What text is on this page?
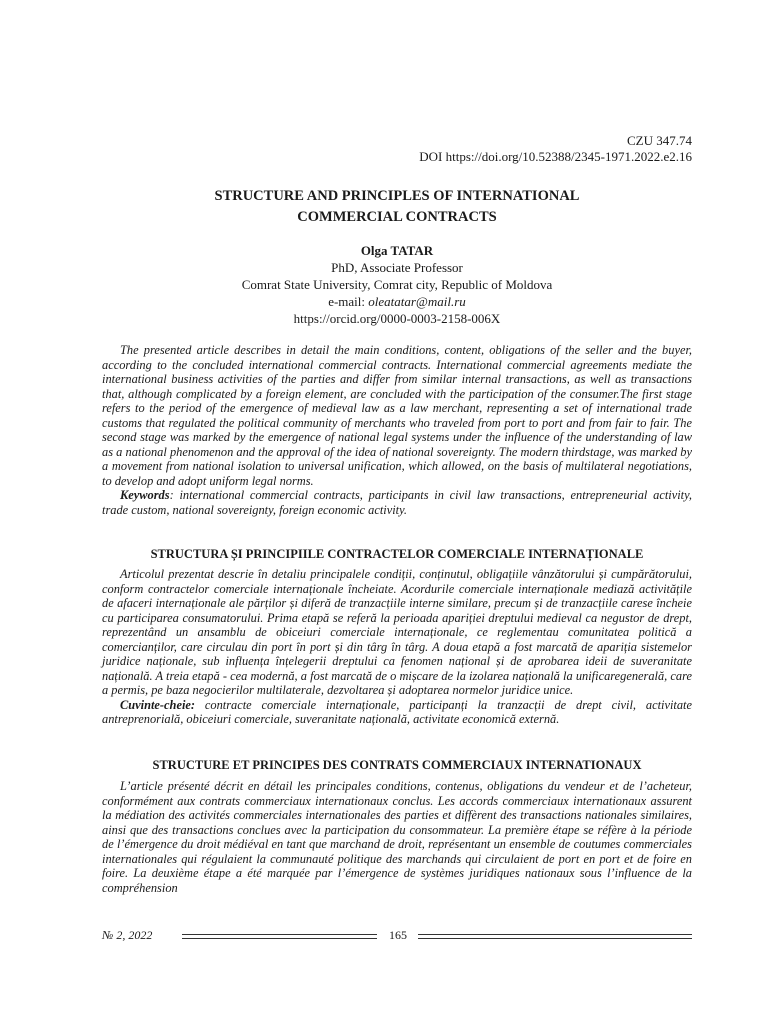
CZU 347.74
DOI https://doi.org/10.52388/2345-1971.2022.e2.16
STRUCTURE AND PRINCIPLES OF INTERNATIONAL
COMMERCIAL CONTRACTS
Olga TATAR
PhD, Associate Professor
Comrat State University, Comrat city, Republic of Moldova
e-mail: oleatatar@mail.ru
https://orcid.org/0000-0003-2158-006X

The presented article describes in detail the main conditions, content, obligations of the seller and the buyer, according to the concluded international commercial contracts. International commercial agreements mediate the international business activities of the parties and differ from similar internal transactions, as well as transactions that, although complicated by a foreign element, are concluded with the participation of the consumer.The first stage refers to the period of the emergence of medieval law as a law merchant, representing a set of international trade customs that regulated the political community of merchants who traveled from port to port and from fair to fair. The second stage was marked by the emergence of national legal systems under the influence of the understanding of law as a national phenomenon and the approval of the idea of national sovereignty. The modern thirdstage, was marked by a movement from national isolation to universal unification, which allowed, on the basis of multilateral negotiations, to develop and adopt uniform legal norms.

Keywords: international commercial contracts, participants in civil law transactions, entrepreneurial activity, trade custom, national sovereignty, foreign economic activity.

STRUCTURA ȘI PRINCIPIILE CONTRACTELOR COMERCIALE INTERNAȚIONALE

Articolul prezentat descrie în detaliu principalele condiții, conținutul, obligațiile vânzătorului și cumpărătorului, conform contractelor comerciale internaționale încheiate. Acordurile comerciale internaționale mediază activitățile de afaceri internaționale ale părților și diferă de tranzacțiile interne similare, precum și de tranzacțiile carese încheie cu participarea consumatorului. Prima etapă se referă la perioada apariției dreptului medieval ca negustor de drept, reprezentând un ansamblu de obiceiuri comerciale internaționale, ce reglementau comunitatea politică a comercianților, care circulau din port în port și din târg în târg. A doua etapă a fost marcată de apariția sistemelor juridice naționale, sub influența înțelegerii dreptului ca fenomen național și de aprobarea ideii de suveranitate națională. A treia etapă - cea modernă, a fost marcată de o mișcare de la izolarea națională la unificaregenerală, care a permis, pe baza negocierilor multilaterale, dezvoltarea și adoptarea normelor juridice unice.

Cuvinte-cheie: contracte comerciale internaționale, participanți la tranzacții de drept civil, activitate antreprenorială, obiceiuri comerciale, suveranitate națională, activitate economică externă.

STRUCTURE ET PRINCIPES DES CONTRATS COMMERCIAUX INTERNATIONAUX

L’article présenté décrit en détail les principales conditions, contenus, obligations du vendeur et de l’acheteur, conformément aux contrats commerciaux internationaux conclus. Les accords commerciaux internationaux assurent la médiation des activités commerciales internationales des parties et diffèrent des transactions nationales similaires, ainsi que des transactions conclues avec la participation du consommateur. La première étape se réfère à la période de l’émergence du droit médiéval en tant que marchand de droit, représentant un ensemble de coutumes commerciales internationales qui régulaient la communauté politique des marchands qui circulaient de port en port et de foire en foire. La deuxième étape a été marquée par l’émergence de systèmes juridiques nationaux sous l’influence de la compréhension

№ 2, 2022	165
